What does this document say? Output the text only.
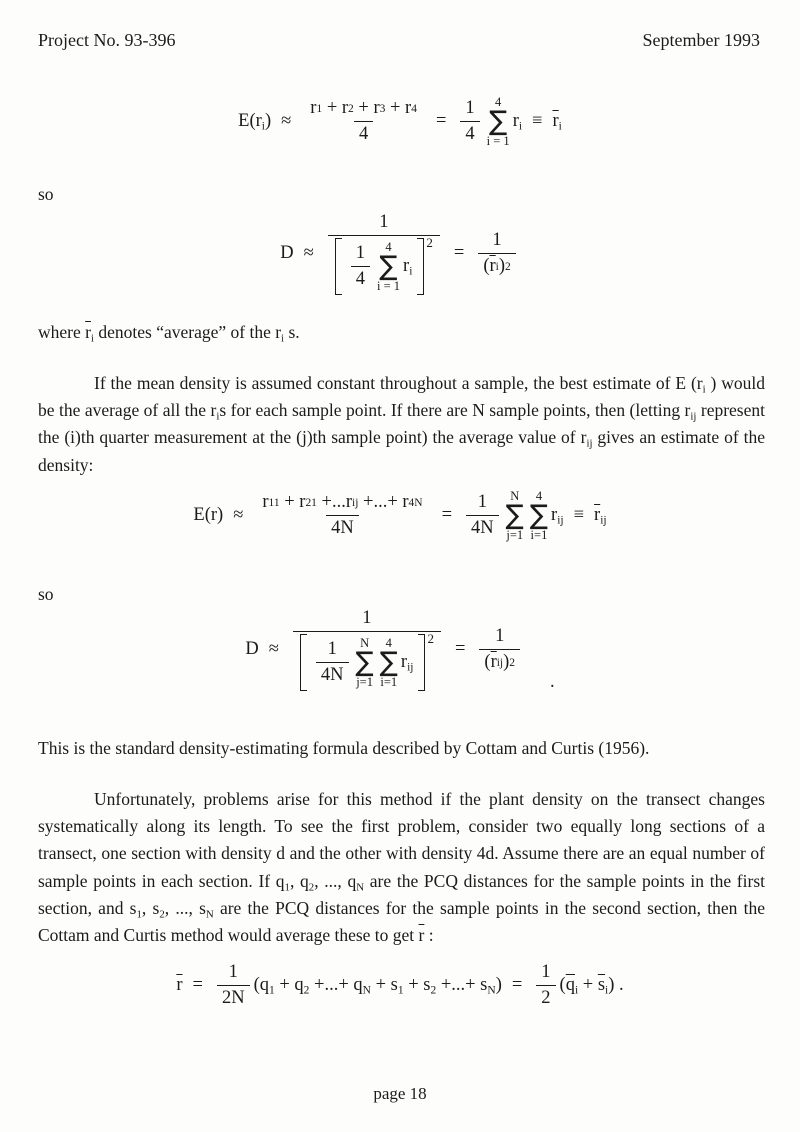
Project No. 93-396	September 1993
$E(r_i) \approx \frac{r 1 + r 2 + r 3 + r 4}{4} = \frac{1}{4} 4$
∑
i = 1
$r_i \equiv \overline{r}_i$
so
D ≈
1
$\frac{1}{4} 4$
∑
i = 1
$r_i$
2
= $\frac{1}{( \overline{r} i ) 2}$
where $\overline{r}_i$ denotes “average” of the $r_i$ s.
If the mean density is assumed constant throughout a sample, the best estimate of E ($r_i$ ) would be the average of all the $r_is$ for each sample point. If there are N sample points, then (letting $r_{ij}$ represent the (i)th quarter measurement at the (j)th sample point) the average value of $r_{ij}$ gives an estimate of the density:
$E(r) \approx \frac{\text{r 11 + r 21 +...r ij +...+ r 4N}}{4N} = \frac{1}{4N}$ N
∑
j=1
4
∑
i=1
$r_{ij} \equiv \overline{r}_{ij}$
so
D ≈
1
$\frac{1}{4N}$ N
∑
j=1
4
∑
i=1
$r_{ij}$
2
= $\frac{1}{( \overline{r} ij ) 2}$
.
This is the standard density-estimating formula described by Cottam and Curtis (1956).
Unfortunately, problems arise for this method if the plant density on the transect changes systematically along its length. To see the first problem, consider two equally long sections of a transect, one section with density d and the other with density 4d. Assume there are an equal number of sample points in each section. If $q_1$, $q_2$, ..., $q_N$ are the PCQ distances for the sample points in the first section, and $s_1$, $s_2$, ..., $s_N$ are the PCQ distances for the sample points in the second section, then the Cottam and Curtis method would average these to get $\overline{r}$ :
$\overline{r} = \frac{1}{2N} (q_1 + q_2$ +...+ $q_N + s_1 + s_2$ +...+ $s_N) = \frac{1}{2} (\overline{q}_i + \overline{s}_i)$ .
page 18
